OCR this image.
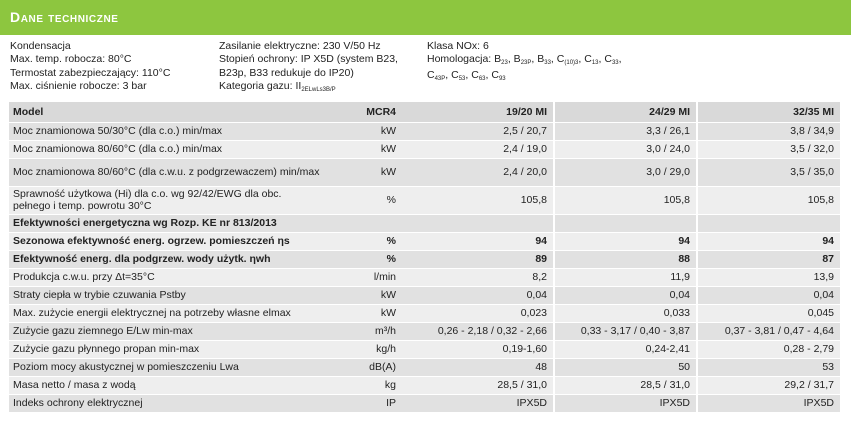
Dane techniczne
Kondensacja
Max. temp. robocza: 80°C
Termostat zabezpieczający: 110°C
Max. ciśnienie robocze: 3 bar
Zasilanie elektryczne: 230 V/50 Hz
Stopień ochrony: IP X5D (system B23,
B23p, B33 redukuje do IP20)
Kategoria gazu: $II_{2ELwLs3B/P}$
Klasa NOx: 6
Homologacja: $B_{23}$, $B_{23P}$, $B_{33}$, $C_{(10)3}$, $C_{13}$, $C_{33}$, $C_{43P}$, $C_{53}$, $C_{63}$, $C_{93}$
Model	MCR4	19/20 MI	24/29 MI	32/35 MI
Moc znamionowa 50/30°C (dla c.o.) min/max	kW	2,5 / 20,7	3,3 / 26,1	3,8 / 34,9
Moc znamionowa 80/60°C (dla c.o.) min/max	kW	2,4 / 19,0	3,0 / 24,0	3,5 / 32,0
Moc znamionowa 80/60°C (dla c.w.u. z podgrzewaczem) min/max	kW	2,4 / 20,0	3,0 / 29,0	3,5 / 35,0
Sprawność użytkowa (Hi) dla c.o. wg 92/42/EWG dla obc. pełnego i temp. powrotu 30°C	%	105,8	105,8	105,8
Efektywności energetyczna wg Rozp. KE nr 813/2013				
Sezonowa efektywność energ. ogrzew. pomieszczeń ηs	%	94	94	94
Efektywność energ. dla podgrzew. wody użytk. ηwh	%	89	88	87
Produkcja c.w.u. przy Δt=35°C	l/min	8,2	11,9	13,9
Straty ciepła w trybie czuwania Pstby	kW	0,04	0,04	0,04
Max. zużycie energii elektrycznej na potrzeby własne elmax	kW	0,023	0,033	0,045
Zużycie gazu ziemnego E/Lw min-max	m³/h	0,26 - 2,18 / 0,32 - 2,66	0,33 - 3,17 / 0,40 - 3,87	0,37 - 3,81 / 0,47 - 4,64
Zużycie gazu płynnego propan min-max	kg/h	0,19-1,60	0,24-2,41	0,28 - 2,79
Poziom mocy akustycznej w pomieszczeniu Lwa	dB(A)	48	50	53
Masa netto / masa z wodą	kg	28,5 / 31,0	28,5 / 31,0	29,2 / 31,7
Indeks ochrony elektrycznej	IP	IPX5D	IPX5D	IPX5D
